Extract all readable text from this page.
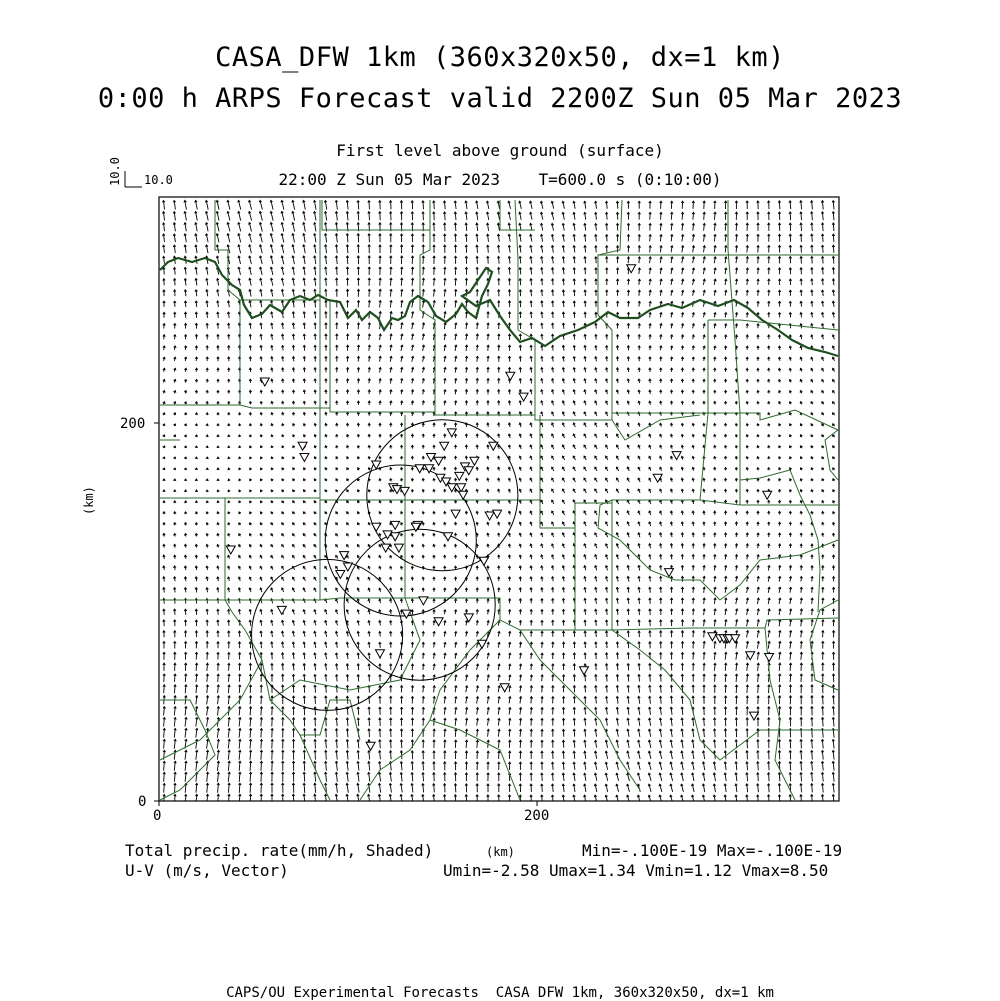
CASA_DFW 1km (360x320x50, dx=1 km)
0:00 h ARPS Forecast valid 2200Z Sun 05 Mar 2023
First level above ground (surface)
22:00 Z Sun 05 Mar 2023    T=600.0 s (0:10:00)
10.0 10.0
0	200
0
200
(km)
Total precip. rate(mm/h, Shaded)
U-V (m/s, Vector)
(km)	Min=-.100E-19 Max=-.100E-19
Umin=-2.58 Umax=1.34 Vmin=1.12 Vmax=8.50
CAPS/OU Experimental Forecasts  CASA DFW 1km, 360x320x50, dx=1 km
